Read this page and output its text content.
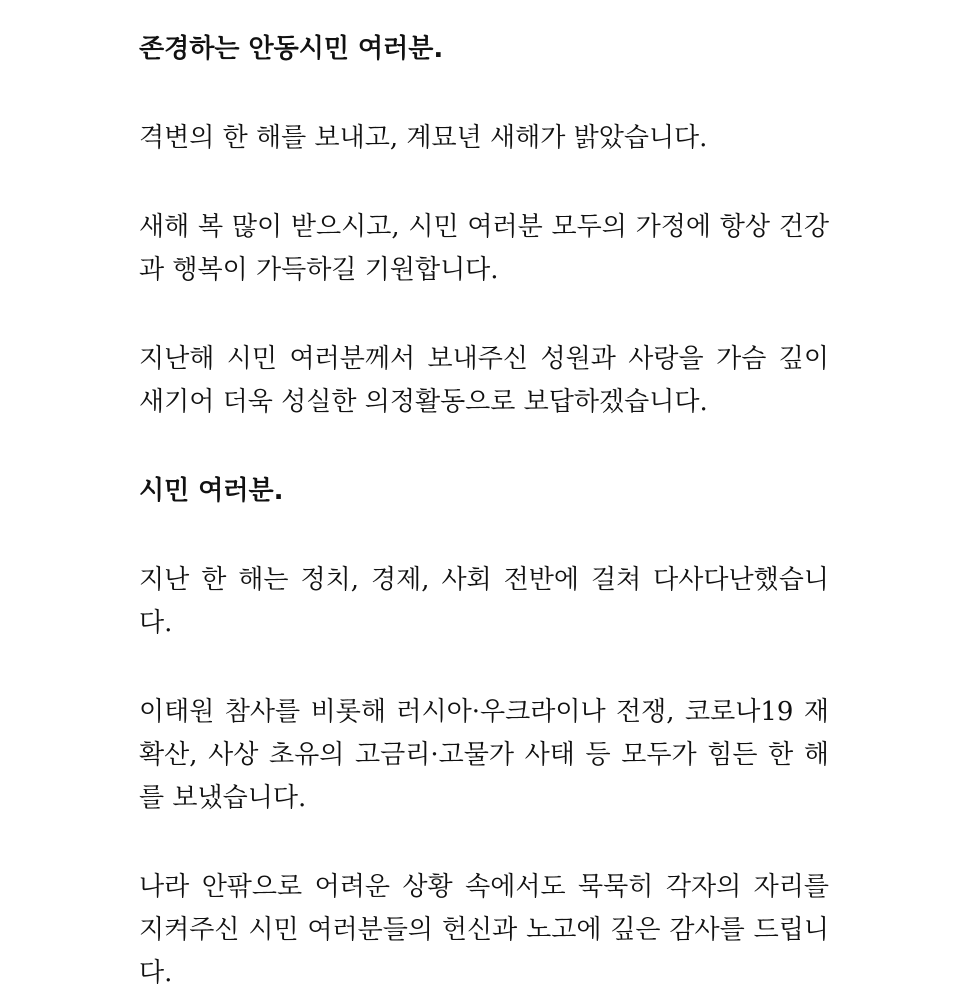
존경하는 안동시민 여러분.

격변의 한 해를 보내고, 계묘년 새해가 밝았습니다.

새해 복 많이 받으시고, 시민 여러분 모두의 가정에 항상 건강과 행복이 가득하길 기원합니다.

지난해 시민 여러분께서 보내주신 성원과 사랑을 가슴 깊이 새기어 더욱 성실한 의정활동으로 보답하겠습니다.

시민 여러분.

지난 한 해는 정치, 경제, 사회 전반에 걸쳐 다사다난했습니다.

이태원 참사를 비롯해 러시아·우크라이나 전쟁, 코로나19 재확산, 사상 초유의 고금리·고물가 사태 등 모두가 힘든 한 해를 보냈습니다.

나라 안팎으로 어려운 상황 속에서도 묵묵히 각자의 자리를 지켜주신 시민 여러분들의 헌신과 노고에 깊은 감사를 드립니다.
